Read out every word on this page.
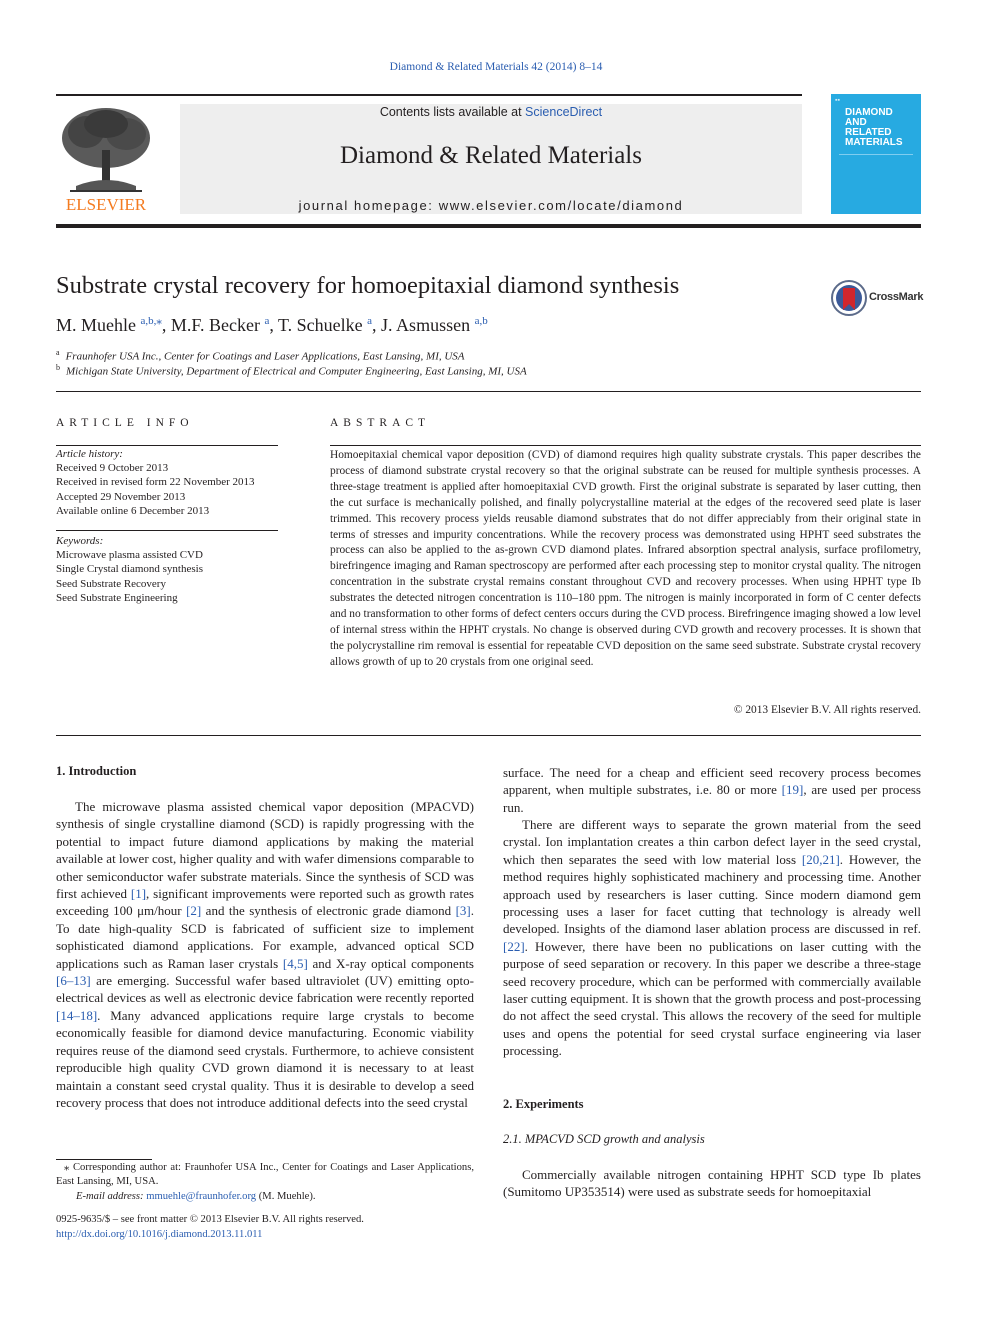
Diamond & Related Materials 42 (2014) 8–14
Contents lists available at ScienceDirect
Diamond & Related Materials
journal homepage: www.elsevier.com/locate/diamond
ELSEVIER
▪▪
DIAMOND AND RELATED MATERIALS
Substrate crystal recovery for homoepitaxial diamond synthesis	CrossMark
M. Muehle $^{a,b,⁎}$, M.F. Becker $^a$, T. Schuelke $^a$, J. Asmussen $^{a,b}$
$^a$ Fraunhofer USA Inc., Center for Coatings and Laser Applications, East Lansing, MI, USA
$^b$ Michigan State University, Department of Electrical and Computer Engineering, East Lansing, MI, USA
ARTICLE INFO
Article history:
Received 9 October 2013
Received in revised form 22 November 2013
Accepted 29 November 2013
Available online 6 December 2013
Keywords:
Microwave plasma assisted CVD
Single Crystal diamond synthesis
Seed Substrate Recovery
Seed Substrate Engineering
ABSTRACT
Homoepitaxial chemical vapor deposition (CVD) of diamond requires high quality substrate crystals. This paper describes the process of diamond substrate crystal recovery so that the original substrate can be reused for multiple synthesis processes. A three-stage treatment is applied after homoepitaxial CVD growth. First the original substrate is separated by laser cutting, then the cut surface is mechanically polished, and finally polycrystalline material at the edges of the recovered seed plate is laser trimmed. This recovery process yields reusable diamond substrates that do not differ appreciably from their original state in terms of stresses and impurity concentrations. While the recovery process was demonstrated using HPHT seed substrates the process can also be applied to the as-grown CVD diamond plates. Infrared absorption spectral analysis, surface profilometry, birefringence imaging and Raman spectroscopy are performed after each processing step to monitor crystal quality. The nitrogen concentration in the substrate crystal remains constant throughout CVD and recovery processes. When using HPHT type Ib substrates the detected nitrogen concentration is 110–180 ppm. The nitrogen is mainly incorporated in form of C center defects and no transformation to other forms of defect centers occurs during the CVD process. Birefringence imaging showed a low level of internal stress within the HPHT crystals. No change is observed during CVD growth and recovery processes. It is shown that the polycrystalline rim removal is essential for repeatable CVD deposition on the same seed substrate. Substrate crystal recovery allows growth of up to 20 crystals from one original seed.
© 2013 Elsevier B.V. All rights reserved.
1. Introduction
The microwave plasma assisted chemical vapor deposition (MPACVD) synthesis of single crystalline diamond (SCD) is rapidly progressing with the potential to impact future diamond applications by making the material available at lower cost, higher quality and with wafer dimensions comparable to other semiconductor wafer substrate materials. Since the synthesis of SCD was first achieved [1], significant improvements were reported such as growth rates exceeding 100 μm/hour [2] and the synthesis of electronic grade diamond [3]. To date high-quality SCD is fabricated of sufficient size to implement sophisticated diamond applications. For example, advanced optical SCD applications such as Raman laser crystals [4,5] and X-ray optical components [6–13] are emerging. Successful wafer based ultraviolet (UV) emitting opto-electrical devices as well as electronic device fabrication were recently reported [14–18]. Many advanced applications require large crystals to become economically feasible for diamond device manufacturing. Economic viability requires reuse of the diamond seed crystals. Furthermore, to achieve consistent reproducible high quality CVD grown diamond it is necessary to at least maintain a constant seed crystal quality. Thus it is desirable to develop a seed recovery process that does not introduce additional defects into the seed crystal
surface. The need for a cheap and efficient seed recovery process becomes apparent, when multiple substrates, i.e. 80 or more [19], are used per process run.
There are different ways to separate the grown material from the seed crystal. Ion implantation creates a thin carbon defect layer in the seed crystal, which then separates the seed with low material loss [20,21]. However, the method requires highly sophisticated machinery and processing time. Another approach used by researchers is laser cutting. Since modern diamond gem processing uses a laser for facet cutting that technology is already well developed. Insights of the diamond laser ablation process are discussed in ref. [22]. However, there have been no publications on laser cutting with the purpose of seed separation or recovery. In this paper we describe a three-stage seed recovery procedure, which can be performed with commercially available laser cutting equipment. It is shown that the growth process and post-processing do not affect the seed crystal. This allows the recovery of the seed for multiple uses and opens the potential for seed crystal surface engineering via laser processing.
2. Experiments
2.1. MPACVD SCD growth and analysis
Commercially available nitrogen containing HPHT SCD type Ib plates (Sumitomo UP353514) were used as substrate seeds for homoepitaxial
⁎ Corresponding author at: Fraunhofer USA Inc., Center for Coatings and Laser Applications, East Lansing, MI, USA.
E-mail address: mmuehle@fraunhofer.org (M. Muehle).
0925-9635/$ – see front matter © 2013 Elsevier B.V. All rights reserved.
http://dx.doi.org/10.1016/j.diamond.2013.11.011
